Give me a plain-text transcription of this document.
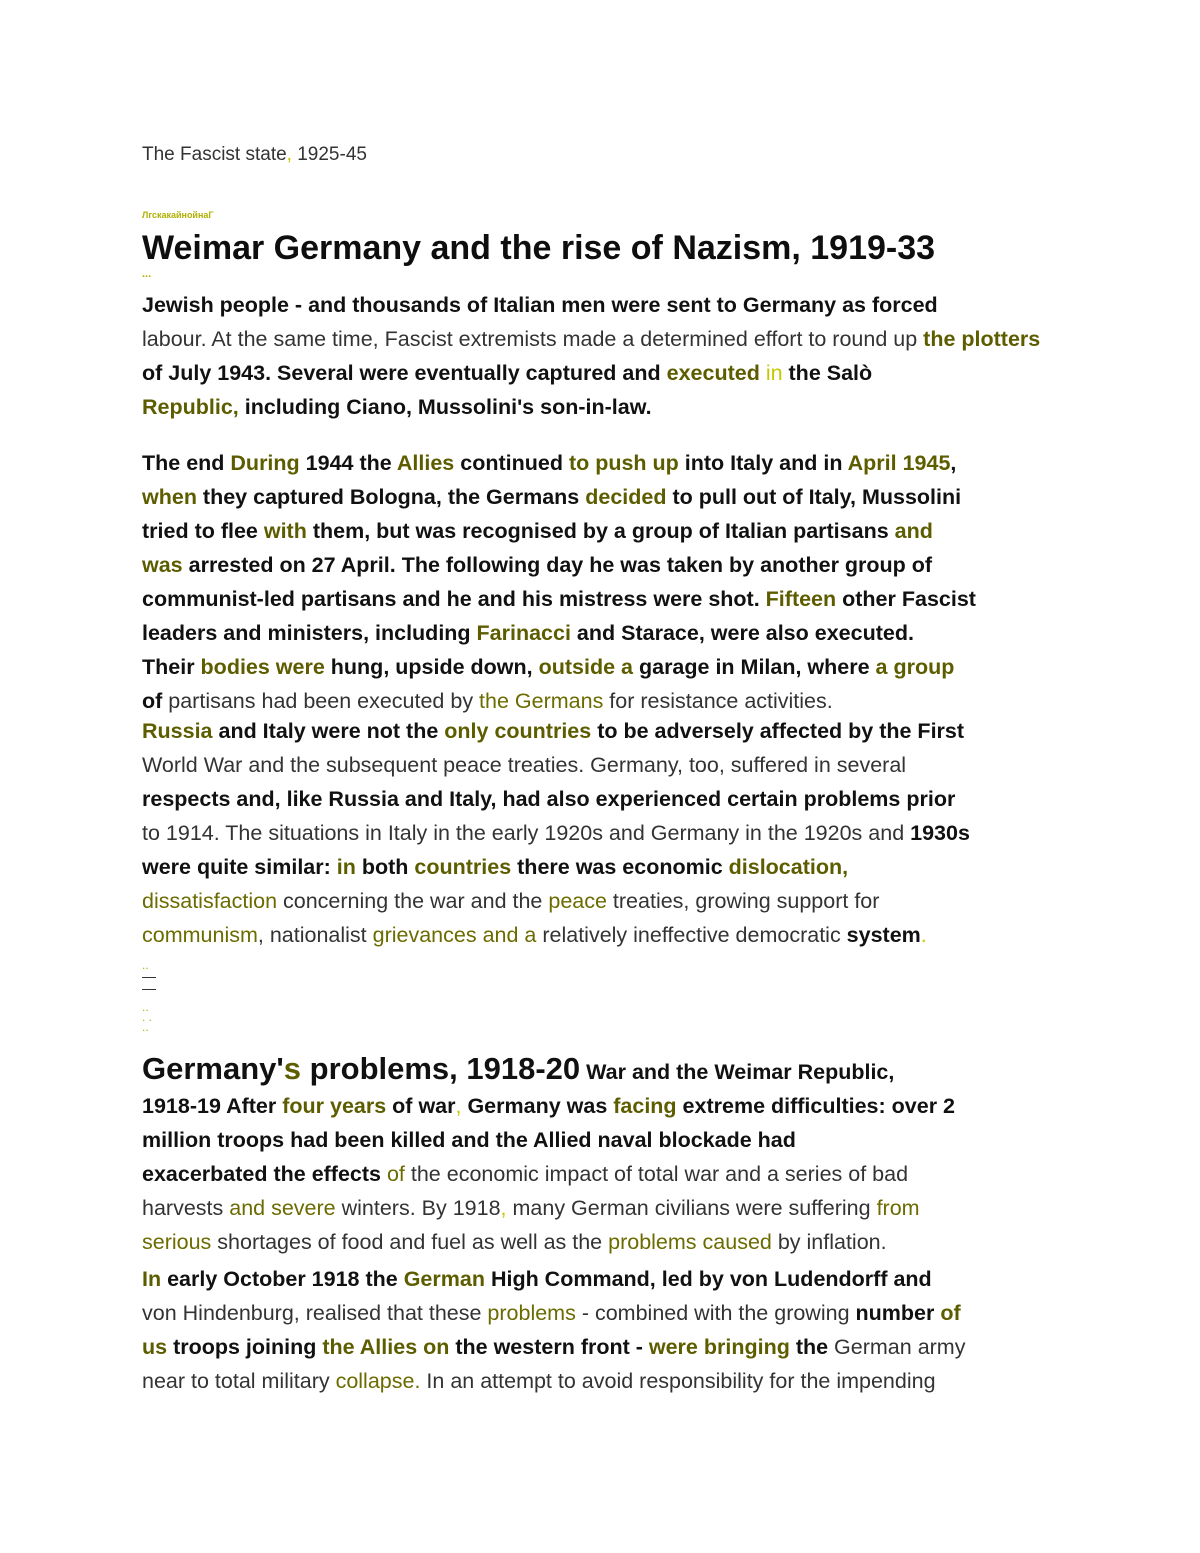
The Fascist state, 1925-45

ЛгскакайнойнаГ
Weimar Germany and the rise of Nazism, 1919-33
...

Jewish people - and thousands of Italian men were sent to Germany as forced

labour. At the same time, Fascist extremists made a determined effort to round up the plotters

of July 1943. Several were eventually captured and executed in the Salò

Republic, including Ciano, Mussolini's son-in-law.

The end During 1944 the Allies continued to push up into Italy and in April 1945,

when they captured Bologna, the Germans decided to pull out of Italy, Mussolini

tried to flee with them, but was recognised by a group of Italian partisans and

was arrested on 27 April. The following day he was taken by another group of

communist-led partisans and he and his mistress were shot. Fifteen other Fascist

leaders and ministers, including Farinacci and Starace, were also executed.

Their bodies were hung, upside down, outside a garage in Milan, where a group

of partisans had been executed by the Germans for resistance activities.

Russia and Italy were not the only countries to be adversely affected by the First

World War and the subsequent peace treaties. Germany, too, suffered in several

respects and, like Russia and Italy, had also experienced certain problems prior

to 1914. The situations in Italy in the early 1920s and Germany in the 1920s and 1930s

were quite similar: in both countries there was economic dislocation,

dissatisfaction concerning the war and the peace treaties, growing support for

communism, nationalist grievances and a relatively ineffective democratic system.

..
—
—
..
. .
..

Germany's problems, 1918-20 War and the Weimar Republic,

1918-19 After four years of war, Germany was facing extreme difficulties: over 2

million troops had been killed and the Allied naval blockade had

exacerbated the effects of the economic impact of total war and a series of bad

harvests and severe winters. By 1918, many German civilians were suffering from

serious shortages of food and fuel as well as the problems caused by inflation.

In early October 1918 the German High Command, led by von Ludendorff and

von Hindenburg, realised that these problems - combined with the growing number of

us troops joining the Allies on the western front - were bringing the German army

near to total military collapse. In an attempt to avoid responsibility for the impending
